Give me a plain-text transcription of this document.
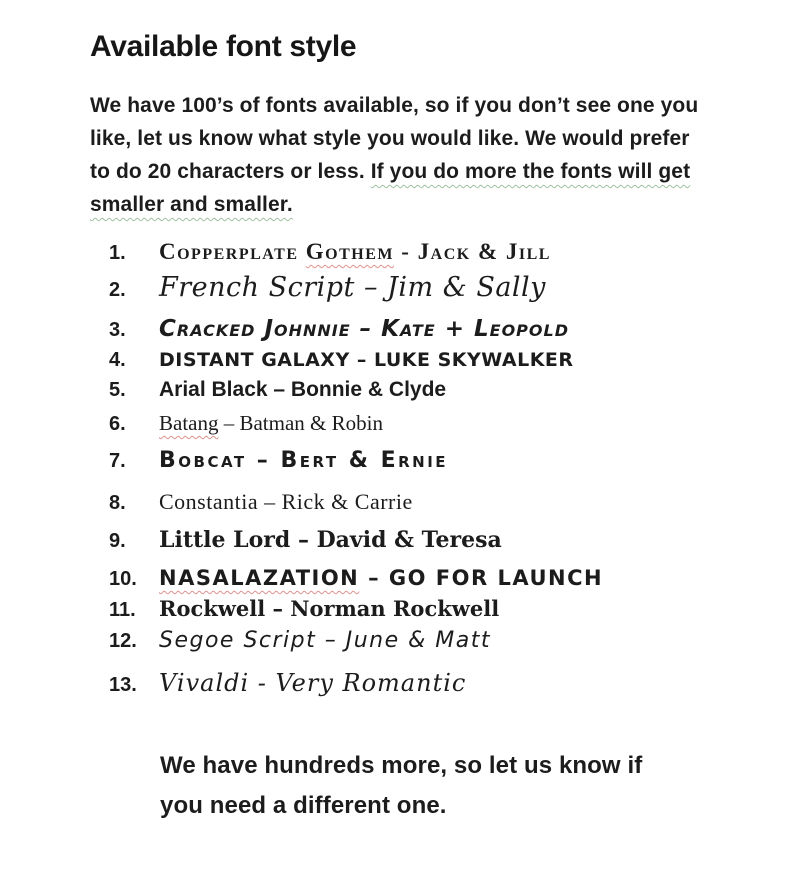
Available font style
We have 100’s of fonts available, so if you don’t see one you
like, let us know what style you would like. We would prefer
to do 20 characters or less. If you do more the fonts will get
smaller and smaller.
1.	Copperplate Gothem - Jack & Jill
2.	French Script – Jim & Sally
3.	Cracked Johnnie – Kate + Leopold
4.	DISTANT GALAXY – LUKE SKYWALKER
5.	Arial Black – Bonnie & Clyde
6.	Batang – Batman & Robin
7.	Bobcat – Bert & Ernie
8.	Constantia – Rick & Carrie
9.	Little Lord – David & Teresa
10.	NASALAZATION – GO FOR LAUNCH
11.	Rockwell – Norman Rockwell
12.	Segoe Script – June & Matt
13. Vivaldi - Very Romantic
We have hundreds more, so let us know if
you need a different one.
